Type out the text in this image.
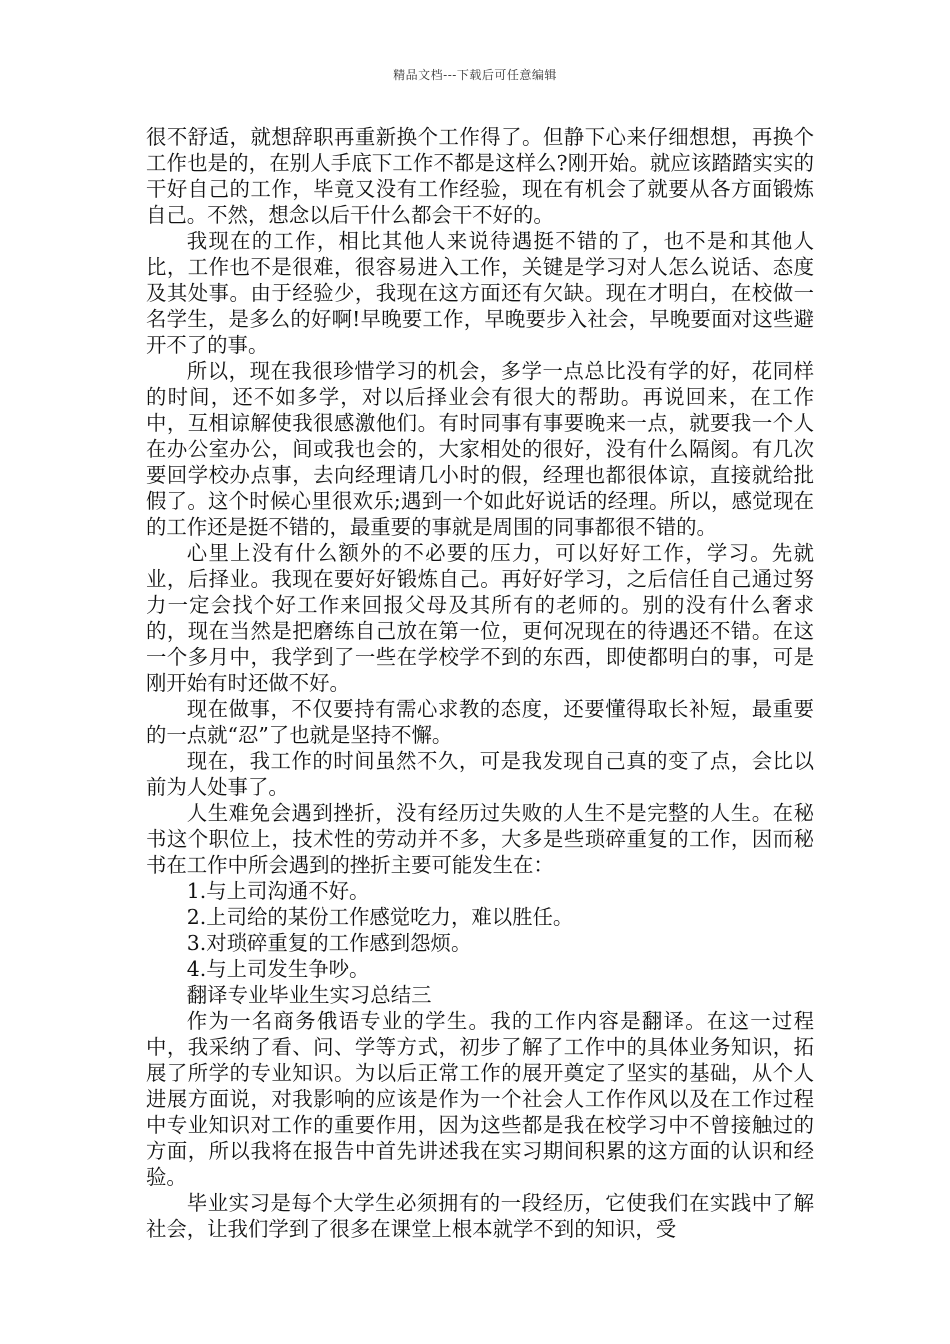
精品文档---下载后可任意编辑

很不舒适，就想辞职再重新换个工作得了。但静下心来仔细想想，再换个工作也是的，在别人手底下工作不都是这样么?刚开始。就应该踏踏实实的干好自己的工作，毕竟又没有工作经验，现在有机会了就要从各方面锻炼自己。不然，想念以后干什么都会干不好的。

我现在的工作，相比其他人来说待遇挺不错的了，也不是和其他人比，工作也不是很难，很容易进入工作，关键是学习对人怎么说话、态度及其处事。由于经验少，我现在这方面还有欠缺。现在才明白，在校做一名学生，是多么的好啊!早晚要工作，早晚要步入社会，早晚要面对这些避开不了的事。

所以，现在我很珍惜学习的机会，多学一点总比没有学的好，花同样的时间，还不如多学，对以后择业会有很大的帮助。再说回来，在工作中，互相谅解使我很感激他们。有时同事有事要晚来一点，就要我一个人在办公室办公，间或我也会的，大家相处的很好，没有什么隔阂。有几次要回学校办点事，去向经理请几小时的假，经理也都很体谅，直接就给批假了。这个时候心里很欢乐;遇到一个如此好说话的经理。所以，感觉现在的工作还是挺不错的，最重要的事就是周围的同事都很不错的。

心里上没有什么额外的不必要的压力，可以好好工作，学习。先就业，后择业。我现在要好好锻炼自己。再好好学习，之后信任自己通过努力一定会找个好工作来回报父母及其所有的老师的。别的没有什么奢求的，现在当然是把磨练自己放在第一位，更何况现在的待遇还不错。在这一个多月中，我学到了一些在学校学不到的东西，即使都明白的事，可是刚开始有时还做不好。

现在做事，不仅要持有需心求教的态度，还要懂得取长补短，最重要的一点就“忍”了也就是坚持不懈。

现在，我工作的时间虽然不久，可是我发现自己真的变了点，会比以前为人处事了。

人生难免会遇到挫折，没有经历过失败的人生不是完整的人生。在秘书这个职位上，技术性的劳动并不多，大多是些琐碎重复的工作，因而秘书在工作中所会遇到的挫折主要可能发生在：

1.与上司沟通不好。

2.上司给的某份工作感觉吃力，难以胜任。

3.对琐碎重复的工作感到怨烦。

4.与上司发生争吵。

翻译专业毕业生实习总结三

作为一名商务俄语专业的学生。我的工作内容是翻译。在这一过程中，我采纳了看、问、学等方式，初步了解了工作中的具体业务知识，拓展了所学的专业知识。为以后正常工作的展开奠定了坚实的基础，从个人进展方面说，对我影响的应该是作为一个社会人工作作风以及在工作过程中专业知识对工作的重要作用，因为这些都是我在校学习中不曾接触过的方面，所以我将在报告中首先讲述我在实习期间积累的这方面的认识和经验。

毕业实习是每个大学生必须拥有的一段经历，它使我们在实践中了解社会，让我们学到了很多在课堂上根本就学不到的知识，受
